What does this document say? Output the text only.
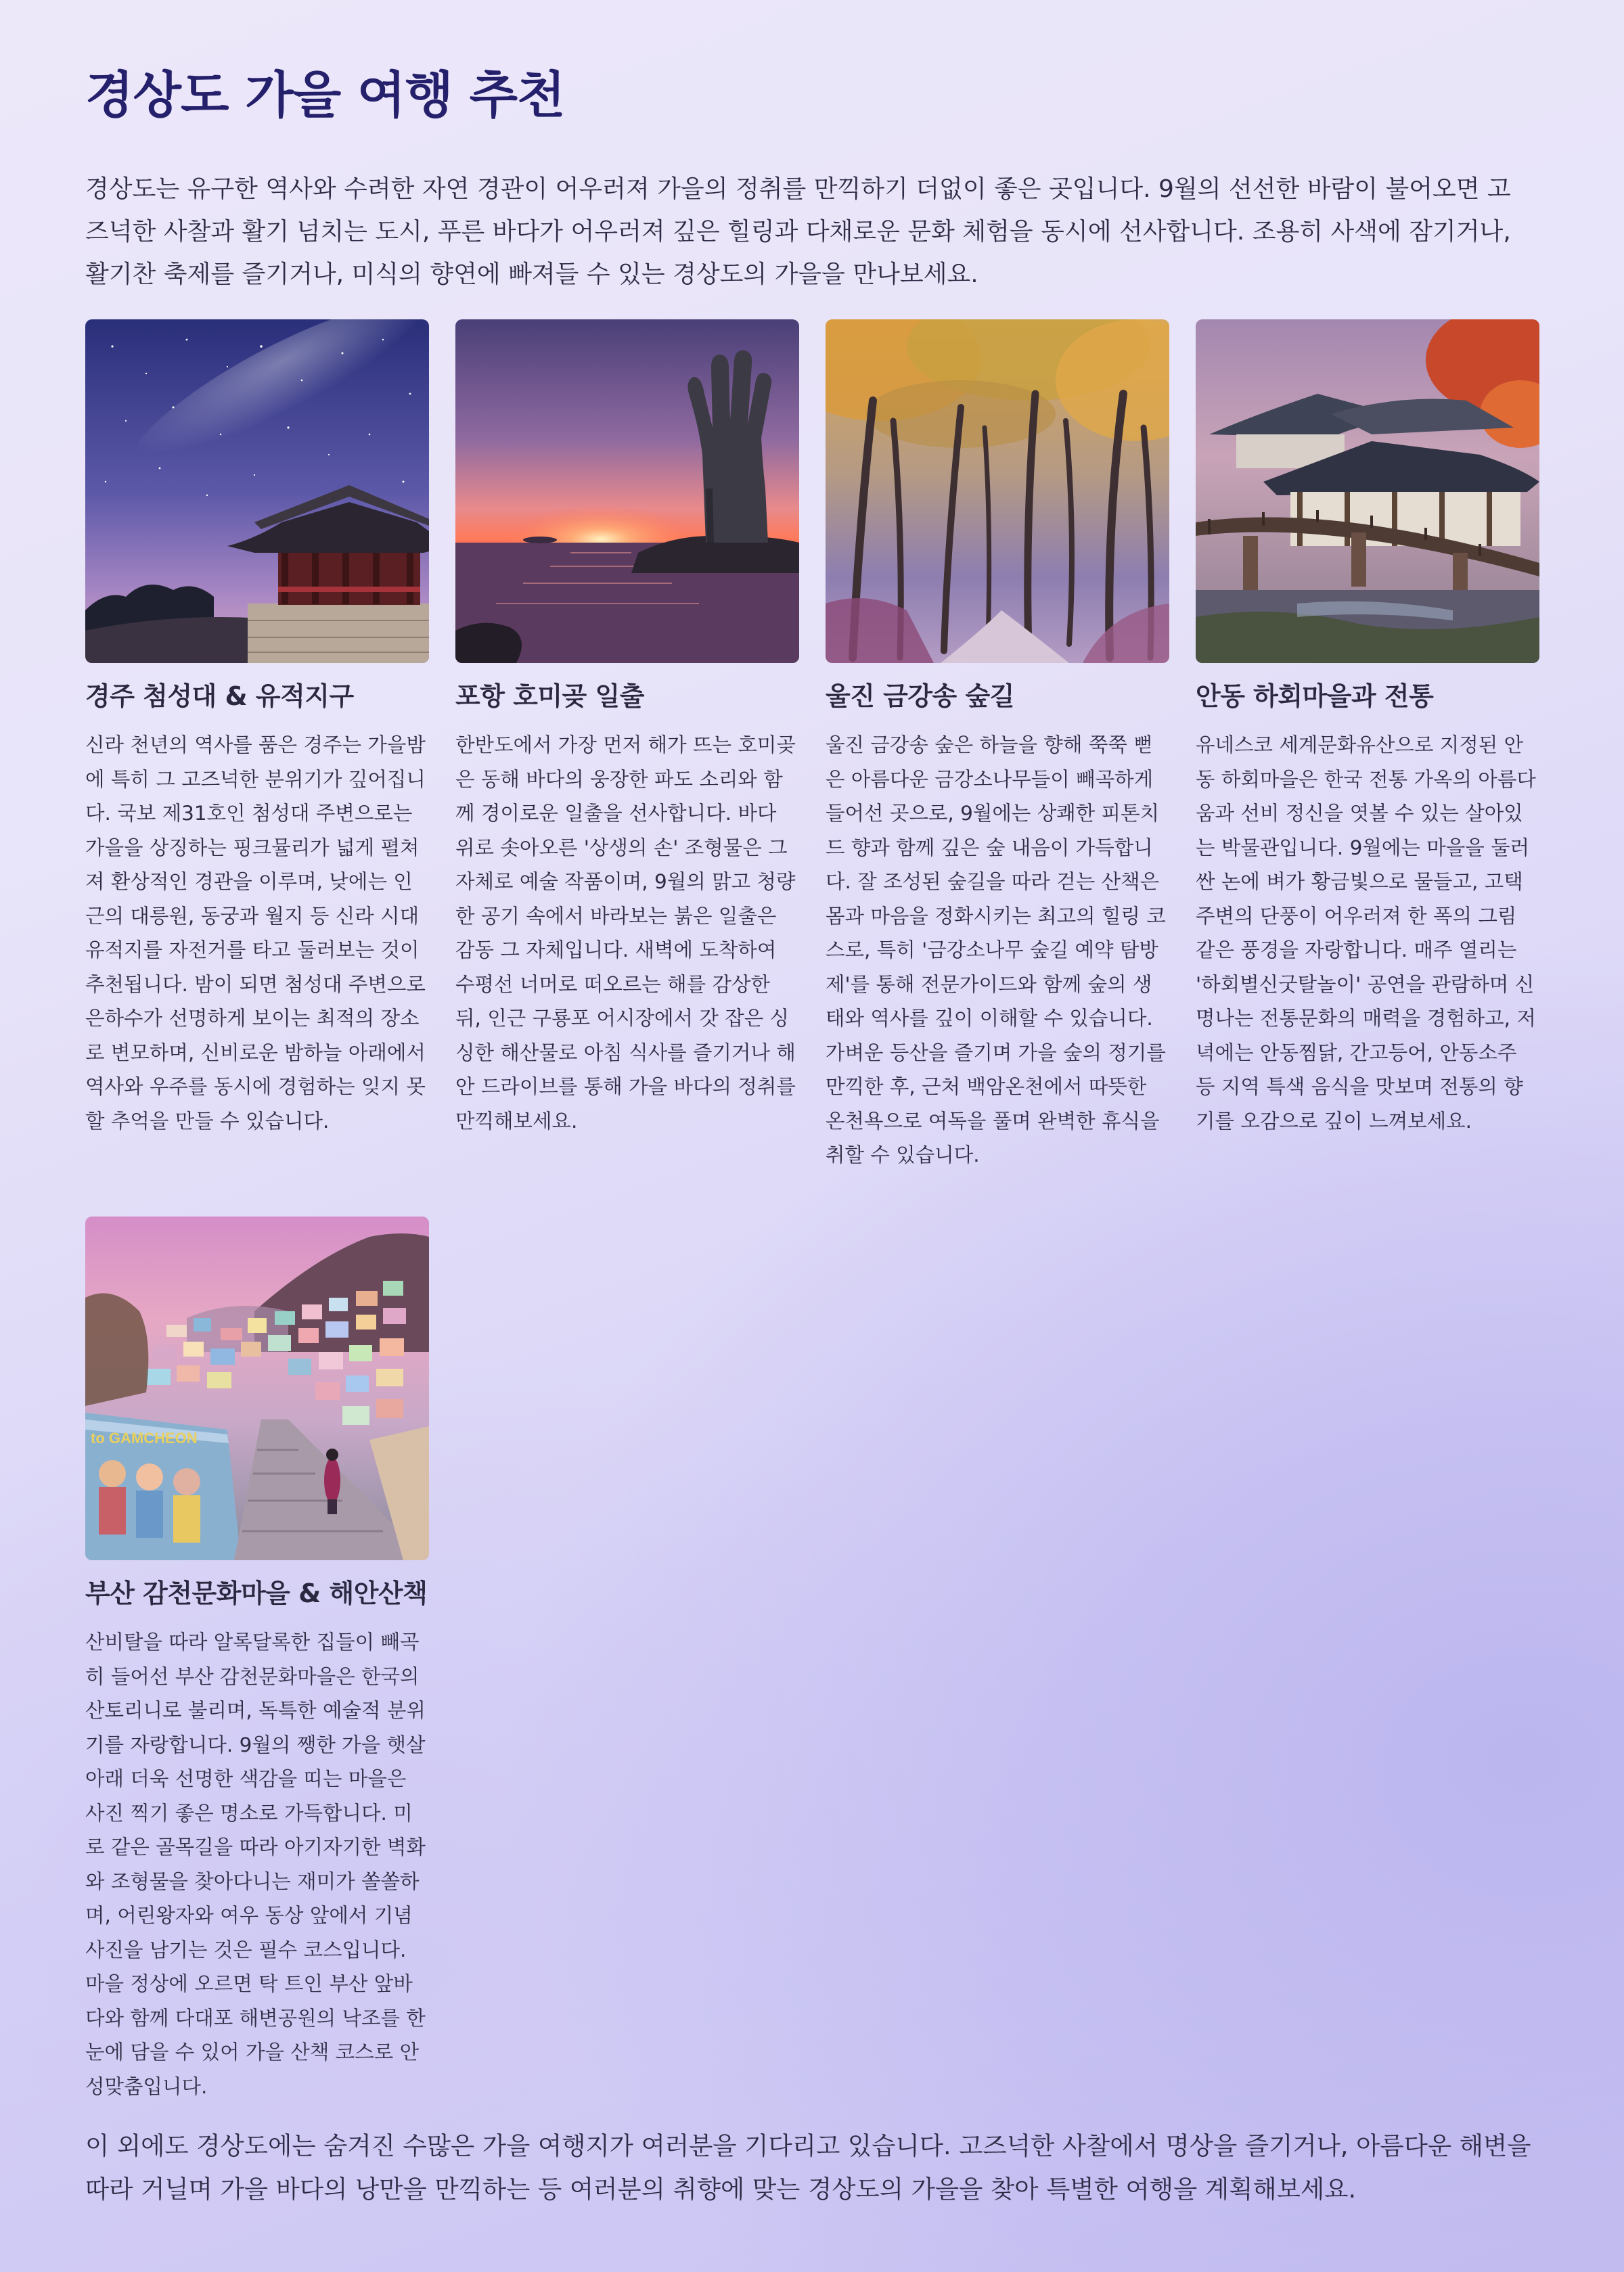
경상도 가을 여행 추천

경상도는 유구한 역사와 수려한 자연 경관이 어우러져 가을의 정취를 만끽하기 더없이 좋은 곳입니다. 9월의 선선한 바람이 불어오면 고즈넉한 사찰과 활기 넘치는 도시, 푸른 바다가 어우러져 깊은 힐링과 다채로운 문화 체험을 동시에 선사합니다. 조용히 사색에 잠기거나, 활기찬 축제를 즐기거나, 미식의 향연에 빠져들 수 있는 경상도의 가을을 만나보세요.

경주 첨성대 & 유적지구

신라 천년의 역사를 품은 경주는 가을밤에 특히 그 고즈넉한 분위기가 깊어집니다. 국보 제31호인 첨성대 주변으로는 가을을 상징하는 핑크뮬리가 넓게 펼쳐져 환상적인 경관을 이루며, 낮에는 인근의 대릉원, 동궁과 월지 등 신라 시대 유적지를 자전거를 타고 둘러보는 것이 추천됩니다. 밤이 되면 첨성대 주변으로 은하수가 선명하게 보이는 최적의 장소로 변모하며, 신비로운 밤하늘 아래에서 역사와 우주를 동시에 경험하는 잊지 못할 추억을 만들 수 있습니다.

포항 호미곶 일출

한반도에서 가장 먼저 해가 뜨는 호미곶은 동해 바다의 웅장한 파도 소리와 함께 경이로운 일출을 선사합니다. 바다 위로 솟아오른 '상생의 손' 조형물은 그 자체로 예술 작품이며, 9월의 맑고 청량한 공기 속에서 바라보는 붉은 일출은 감동 그 자체입니다. 새벽에 도착하여 수평선 너머로 떠오르는 해를 감상한 뒤, 인근 구룡포 어시장에서 갓 잡은 싱싱한 해산물로 아침 식사를 즐기거나 해안 드라이브를 통해 가을 바다의 정취를 만끽해보세요.

울진 금강송 숲길

울진 금강송 숲은 하늘을 향해 쭉쭉 뻗은 아름다운 금강소나무들이 빼곡하게 들어선 곳으로, 9월에는 상쾌한 피톤치드 향과 함께 깊은 숲 내음이 가득합니다. 잘 조성된 숲길을 따라 걷는 산책은 몸과 마음을 정화시키는 최고의 힐링 코스로, 특히 '금강소나무 숲길 예약 탐방제'를 통해 전문가이드와 함께 숲의 생태와 역사를 깊이 이해할 수 있습니다. 가벼운 등산을 즐기며 가을 숲의 정기를 만끽한 후, 근처 백암온천에서 따뜻한 온천욕으로 여독을 풀며 완벽한 휴식을 취할 수 있습니다.

안동 하회마을과 전통

유네스코 세계문화유산으로 지정된 안동 하회마을은 한국 전통 가옥의 아름다움과 선비 정신을 엿볼 수 있는 살아있는 박물관입니다. 9월에는 마을을 둘러싼 논에 벼가 황금빛으로 물들고, 고택 주변의 단풍이 어우러져 한 폭의 그림 같은 풍경을 자랑합니다. 매주 열리는 '하회별신굿탈놀이' 공연을 관람하며 신명나는 전통문화의 매력을 경험하고, 저녁에는 안동찜닭, 간고등어, 안동소주 등 지역 특색 음식을 맛보며 전통의 향기를 오감으로 깊이 느껴보세요.

to GAMCHEON
부산 감천문화마을 & 해안산책

산비탈을 따라 알록달록한 집들이 빼곡히 들어선 부산 감천문화마을은 한국의 산토리니로 불리며, 독특한 예술적 분위기를 자랑합니다. 9월의 쨍한 가을 햇살 아래 더욱 선명한 색감을 띠는 마을은 사진 찍기 좋은 명소로 가득합니다. 미로 같은 골목길을 따라 아기자기한 벽화와 조형물을 찾아다니는 재미가 쏠쏠하며, 어린왕자와 여우 동상 앞에서 기념사진을 남기는 것은 필수 코스입니다. 마을 정상에 오르면 탁 트인 부산 앞바다와 함께 다대포 해변공원의 낙조를 한 눈에 담을 수 있어 가을 산책 코스로 안성맞춤입니다.

이 외에도 경상도에는 숨겨진 수많은 가을 여행지가 여러분을 기다리고 있습니다. 고즈넉한 사찰에서 명상을 즐기거나, 아름다운 해변을 따라 거닐며 가을 바다의 낭만을 만끽하는 등 여러분의 취향에 맞는 경상도의 가을을 찾아 특별한 여행을 계획해보세요.
